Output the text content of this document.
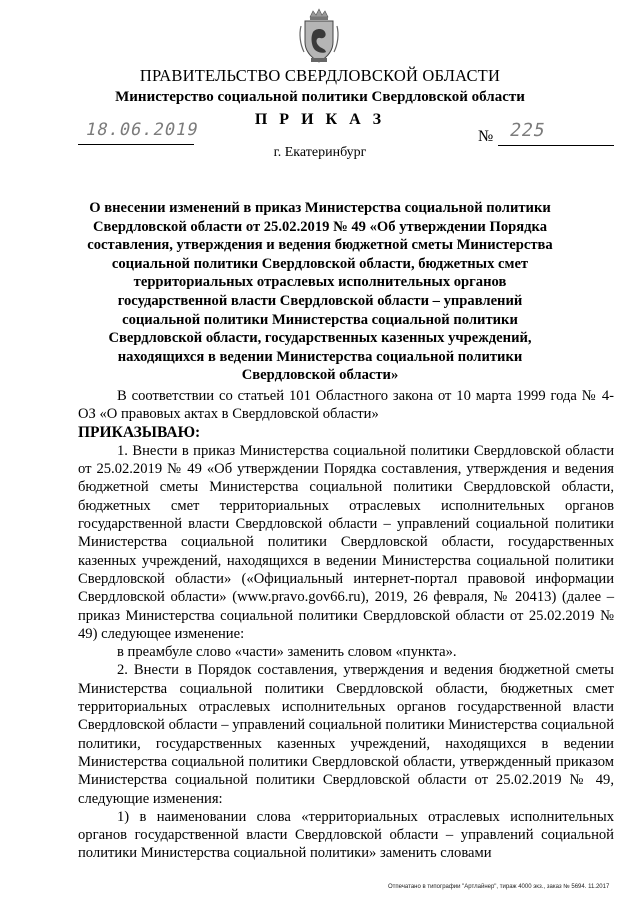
ПРАВИТЕЛЬСТВО СВЕРДЛОВСКОЙ ОБЛАСТИ
Министерство социальной политики Свердловской области
П Р И К А З
18.06.2019	№ 225
г. Екатеринбург
О внесении изменений в приказ Министерства социальной политики Свердловской области от 25.02.2019 № 49 «Об утверждении Порядка составления, утверждения и ведения бюджетной сметы Министерства социальной политики Свердловской области, бюджетных смет территориальных отраслевых исполнительных органов государственной власти Свердловской области – управлений социальной политики Министерства социальной политики Свердловской области, государственных казенных учреждений, находящихся в ведении Министерства социальной политики Свердловской области»

В соответствии со статьей 101 Областного закона от 10 марта 1999 года № 4-ОЗ «О правовых актах в Свердловской области»

ПРИКАЗЫВАЮ:

1. Внести в приказ Министерства социальной политики Свердловской области от 25.02.2019 № 49 «Об утверждении Порядка составления, утверждения и ведения бюджетной сметы Министерства социальной политики Свердловской области, бюджетных смет территориальных отраслевых исполнительных органов государственной власти Свердловской области – управлений социальной политики Министерства социальной политики Свердловской области, государственных казенных учреждений, находящихся в ведении Министерства социальной политики Свердловской области» («Официальный интернет-портал правовой информации Свердловской области» (www.pravo.gov66.ru), 2019, 26 февраля, № 20413) (далее – приказ Министерства социальной политики Свердловской области от 25.02.2019 № 49) следующее изменение:

в преамбуле слово «части» заменить словом «пункта».

2. Внести в Порядок составления, утверждения и ведения бюджетной сметы Министерства социальной политики Свердловской области, бюджетных смет территориальных отраслевых исполнительных органов государственной власти Свердловской области – управлений социальной политики Министерства социальной политики, государственных казенных учреждений, находящихся в ведении Министерства социальной политики Свердловской области, утвержденный приказом Министерства социальной политики Свердловской области от 25.02.2019 № 49, следующие изменения:

1) в наименовании слова «территориальных отраслевых исполнительных органов государственной власти Свердловской области – управлений социальной политики Министерства социальной политики» заменить словами

Отпечатано в типографии "Артлайнер", тираж 4000 экз., заказ № 5694. 11.2017
